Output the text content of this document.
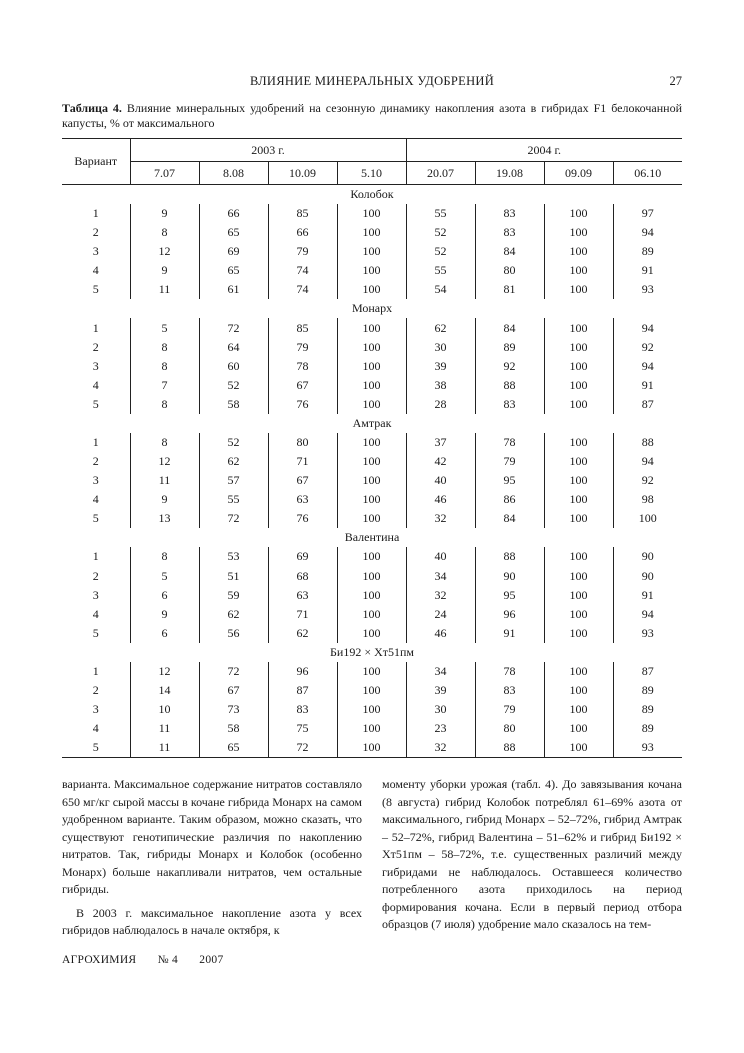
ВЛИЯНИЕ МИНЕРАЛЬНЫХ УДОБРЕНИЙ	27
Таблица 4. Влияние минеральных удобрений на сезонную динамику накопления азота в гибридах F1 белокочанной капусты, % от максимального
Вариант	2003 г.				2004 г.			
	7.07	8.08	10.09	5.10	20.07	19.08	09.09	06.10
Колобок								
1	9	66	85	100	55	83	100	97
2	8	65	66	100	52	83	100	94
3	12	69	79	100	52	84	100	89
4	9	65	74	100	55	80	100	91
5	11	61	74	100	54	81	100	93
Монарх								
1	5	72	85	100	62	84	100	94
2	8	64	79	100	30	89	100	92
3	8	60	78	100	39	92	100	94
4	7	52	67	100	38	88	100	91
5	8	58	76	100	28	83	100	87
Амтрак								
1	8	52	80	100	37	78	100	88
2	12	62	71	100	42	79	100	94
3	11	57	67	100	40	95	100	92
4	9	55	63	100	46	86	100	98
5	13	72	76	100	32	84	100	100
Валентина								
1	8	53	69	100	40	88	100	90
2	5	51	68	100	34	90	100	90
3	6	59	63	100	32	95	100	91
4	9	62	71	100	24	96	100	94
5	6	56	62	100	46	91	100	93
Би192 × Хт51пм								
1	12	72	96	100	34	78	100	87
2	14	67	87	100	39	83	100	89
3	10	73	83	100	30	79	100	89
4	11	58	75	100	23	80	100	89
5	11	65	72	100	32	88	100	93

варианта. Максимальное содержание нитратов составляло 650 мг/кг сырой массы в кочане гибрида Монарх на самом удобренном варианте. Таким образом, можно сказать, что существуют генотипические различия по накоплению нитратов. Так, гибриды Монарх и Колобок (особенно Монарх) больше накапливали нитратов, чем остальные гибриды.

В 2003 г. максимальное накопление азота у всех гибридов наблюдалось в начале октября, к

моменту уборки урожая (табл. 4). До завязывания кочана (8 августа) гибрид Колобок потреблял 61–69% азота от максимального, гибрид Монарх – 52–72%, гибрид Амтрак – 52–72%, гибрид Валентина – 51–62% и гибрид Би192 × Хт51пм – 58–72%, т.е. существенных различий между гибридами не наблюдалось. Оставшееся количество потребленного азота приходилось на период формирования кочана. Если в первый период отбора образцов (7 июля) удобрение мало сказалось на тем-

АГРОХИМИЯ № 4 2007
